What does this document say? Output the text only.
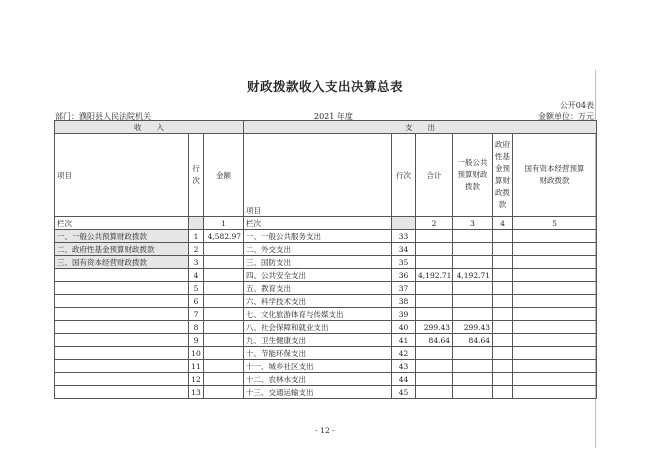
财政拨款收入支出决算总表
公开04表
部门：濮阳县人民法院机关	2021 年度	金额单位：万元
收　　入			支　　出					
项目	行次	金额	项目	行次	合计	一般公共预算财政拨款	政府性基金预算财政拨款	国有资本经营预算财政拨款
栏次		1	栏次		2	3	4	5
一、一般公共预算财政拨款	1	4,582.97	一、一般公共服务支出	33				
二、政府性基金预算财政拨款	2		二、外交支出	34				
三、国有资本经营财政拨款	3		三、国防支出	35				
	4		四、公共安全支出	36	4,192.71	4,192.71		
	5		五、教育支出	37				
	6		六、科学技术支出	38				
	7		七、文化旅游体育与传媒支出	39				
	8		八、社会保障和就业支出	40	299.43	299.43		
	9		九、卫生健康支出	41	84.64	84.64		
	10		十、节能环保支出	42				
	11		十一、城乡社区支出	43				
	12		十二、农林水支出	44				
	13		十三、交通运输支出	45				
- 12 -
